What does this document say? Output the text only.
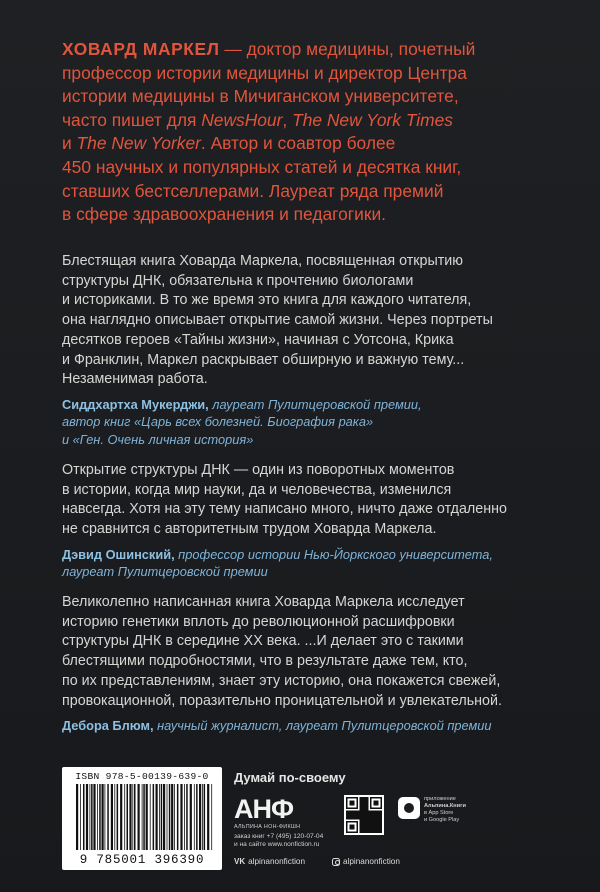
ХОВАРД МАРКЕЛ — доктор медицины, почетный
профессор истории медицины и директор Центра
истории медицины в Мичиганском университете,
часто пишет для NewsHour, The New York Times
и The New Yorker. Автор и соавтор более
450 научных и популярных статей и десятка книг,
ставших бестселлерами. Лауреат ряда премий
в сфере здравоохранения и педагогики.

Блестящая книга Ховарда Маркела, посвященная открытию
структуры ДНК, обязательна к прочтению биологами
и историками. В то же время это книга для каждого читателя,
она наглядно описывает открытие самой жизни. Через портреты
десятков героев «Тайны жизни», начиная с Уотсона, Крика
и Франклин, Маркел раскрывает обширную и важную тему...
Незаменимая работа.

Сиддхартха Мукерджи, лауреат Пулитцеровской премии,
автор книг «Царь всех болезней. Биография рака»
и «Ген. Очень личная история»

Открытие структуры ДНК — один из поворотных моментов
в истории, когда мир науки, да и человечества, изменился
навсегда. Хотя на эту тему написано много, ничто даже отдаленно
не сравнится с авторитетным трудом Ховарда Маркела.

Дэвид Ошинский, профессор истории Нью-Йоркского университета,
лауреат Пулитцеровской премии

Великолепно написанная книга Ховарда Маркела исследует
историю генетики вплоть до революционной расшифровки
структуры ДНК в середине XX века. ...И делает это с такими
блестящими подробностями, что в результате даже тем, кто,
по их представлениям, знает эту историю, она покажется свежей,
провокационной, поразительно проницательной и увлекательной.

Дебора Блюм, научный журналист, лауреат Пулитцеровской премии
ISBN 978-5-00139-639-0
9 785001 396390
Думай по-своему
АНФ
АЛЬПИНА НОН-ФИКШН
заказ книг +7 (495) 120-07-04
и на сайте www.nonfiction.ru
VK alpinanonfiction	alpinanonfiction
приложение
Альпина.Книги
в App Store
и Google Play
